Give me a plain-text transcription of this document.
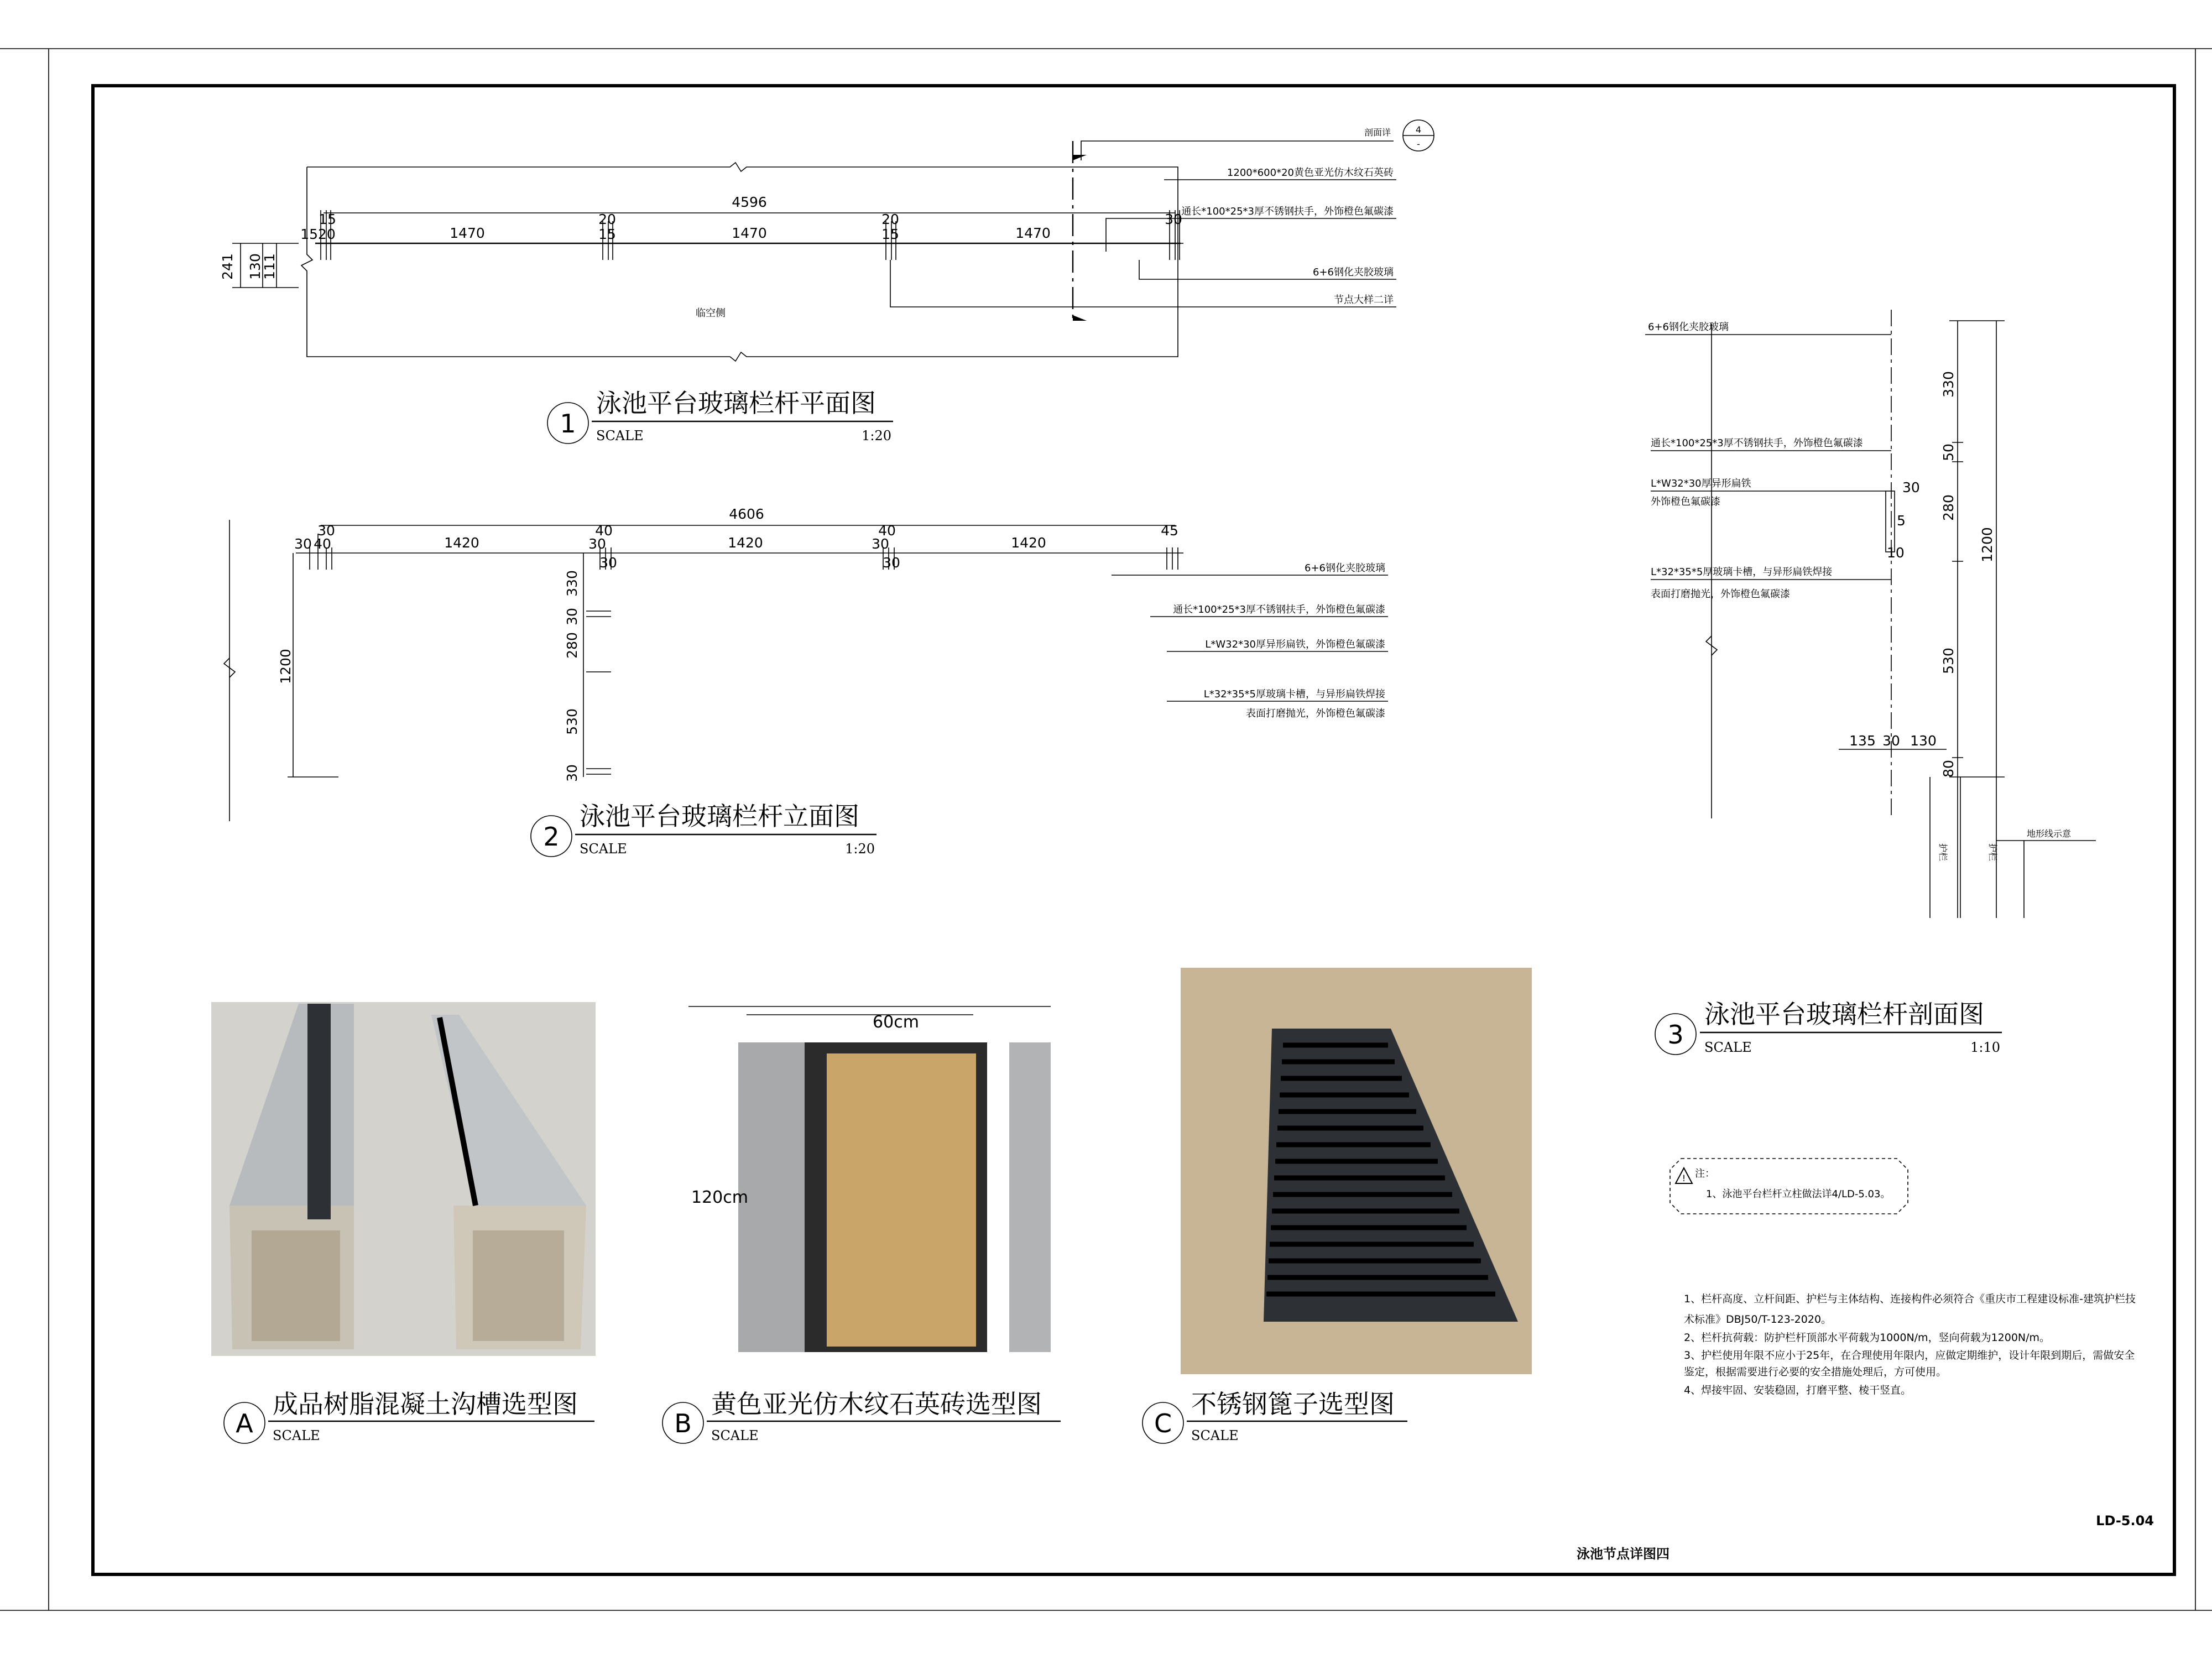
4596
1470	1470	1470
15	20	20	30
1520	15	15
241 130
111
临空侧
剖面详	4
-
1200*600*20黄色亚光仿木纹石英砖
通长*100*25*3厚不锈钢扶手，外饰橙色氟碳漆
6+6钢化夹胶玻璃
节点大样二详
1
泳池平台玻璃栏杆平面图
SCALE	1:20
4606
1420	1420	1420
30	40	40	45
30 40	30
30
30
30
1200
330
30
280
530
30
6+6钢化夹胶玻璃
通长*100*25*3厚不锈钢扶手，外饰橙色氟碳漆
L*W32*30厚异形扁铁，外饰橙色氟碳漆
L*32*35*5厚玻璃卡槽，与异形扁铁焊接
表面打磨抛光，外饰橙色氟碳漆
2
泳池平台玻璃栏杆立面图
SCALE	1:20
6+6钢化夹胶玻璃
通长*100*25*3厚不锈钢扶手，外饰橙色氟碳漆
L*W32*30厚异形扁铁
外饰橙色氟碳漆
L*32*35*5厚玻璃卡槽，与异形扁铁焊接
表面打磨抛光，外饰橙色氟碳漆
30
5
10
330
50
280
1200
530
80
135 30 130
护栏	护栏
地形线示意
3
泳池平台玻璃栏杆剖面图
SCALE	1:10
A
成品树脂混凝土沟槽选型图
SCALE
60cm
120cm
B
黄色亚光仿木纹石英砖选型图
SCALE	C
不锈钢篦子选型图
SCALE
! 注：
1、泳池平台栏杆立柱做法详4/LD-5.03。
1、栏杆高度、立杆间距、护栏与主体结构、连接构件必须符合《重庆市工程建设标准-建筑护栏技
术标准》DBJ50/T-123-2020。
2、栏杆抗荷载：防护栏杆顶部水平荷载为1000N/m，竖向荷载为1200N/m。
3、护栏使用年限不应小于25年，在合理使用年限内，应做定期维护，设计年限到期后，需做安全
鉴定，根据需要进行必要的安全措施处理后，方可使用。
4、焊接牢固、安装稳固，打磨平整、棱干竖直。
LD-5.04
泳池节点详图四
